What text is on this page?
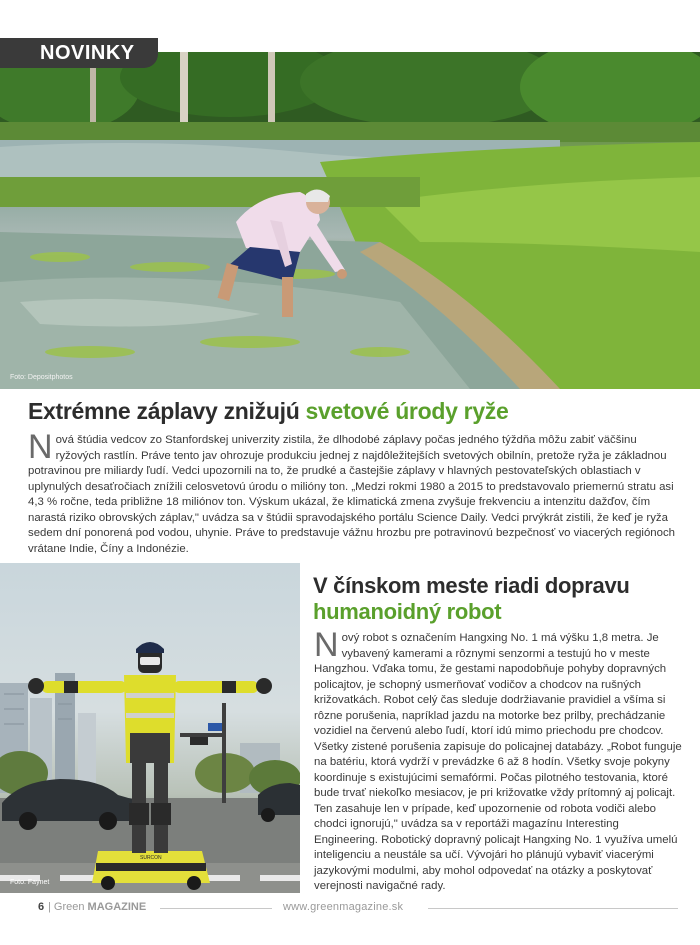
NOVINKY
Foto: Depositphotos
Extrémne záplavy znižujú svetové úrody ryže
Nová štúdia vedcov zo Stanfordskej univerzity zistila, že dlhodobé záplavy počas jedného týždňa môžu zabiť väčšinu ryžových rastlín. Práve tento jav ohrozuje produkciu jednej z najdôležitejších svetových obilnín, pretože ryža je základnou potravinou pre miliardy ľudí. Vedci upozornili na to, že prudké a častejšie záplavy v hlavných pestovateľských oblastiach v uplynulých desaťročiach znížili celosvetovú úrodu o milióny ton. „Medzi rokmi 1980 a 2015 to predstavovalo priemernú stratu asi 4,3 % ročne, teda približne 18 miliónov ton. Výskum ukázal, že klimatická zmena zvyšuje frekvenciu a intenzitu dažďov, čím narastá riziko obrovských záplav," uvádza sa v štúdii spravodajského portálu Science Daily. Vedci prvýkrát zistili, že keď je ryža sedem dní ponorená pod vodou, uhynie. Práve to predstavuje vážnu hrozbu pre potravinovú bezpečnosť vo viacerých regiónoch vrátane Indie, Číny a Indonézie.
SURCON
Foto: Faynet
V čínskom meste riadi dopravu
humanoidný robot
Nový robot s označením Hangxing No. 1 má výšku 1,8 metra. Je vybavený kamerami a rôznymi senzormi a testujú ho v meste Hangzhou. Vďaka tomu, že gestami napodobňuje pohyby dopravných policajtov, je schopný usmerňovať vodičov a chodcov na rušných križovatkách. Robot celý čas sleduje dodržiavanie pravidiel a všíma si rôzne porušenia, napríklad jazdu na motorke bez prilby, prechádzanie vozidiel na červenú alebo ľudí, ktorí idú mimo priechodu pre chodcov. Všetky zistené porušenia zapisuje do policajnej databázy. „Robot funguje na batériu, ktorá vydrží v prevádzke 6 až 8 hodín. Všetky svoje pokyny koordinuje s existujúcimi semafórmi. Počas pilotného testovania, ktoré bude trvať niekoľko mesiacov, je pri križovatke vždy prítomný aj policajt. Ten zasahuje len v prípade, keď upozornenie od robota vodiči alebo chodci ignorujú," uvádza sa v reportáži magazínu Interesting Engineering. Robotický dopravný policajt Hangxing No. 1 využíva umelú inteligenciu a neustále sa učí. Vývojári ho plánujú vybaviť viacerými jazykovými modulmi, aby mohol odpovedať na otázky a poskytovať verejnosti navigačné rady.
6 | Green MAGAZINE	www.greenmagazine.sk
